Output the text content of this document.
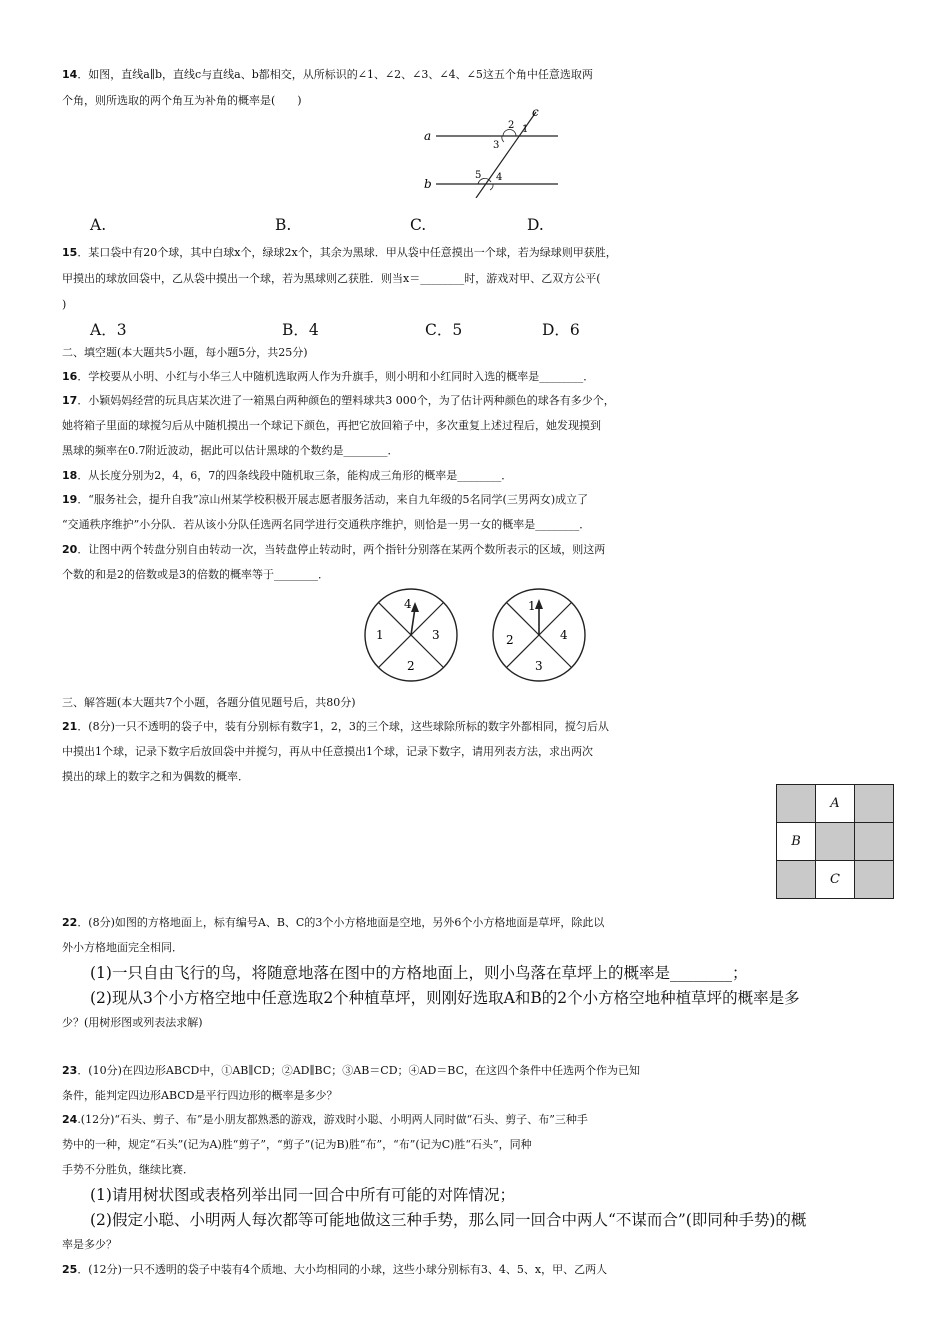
14．如图，直线a∥b，直线c与直线a、b都相交，从所标识的∠1、∠2、∠3、∠4、∠5这五个角中任意选取两
个角，则所选取的两个角互为补角的概率是(　　)
a
b
c
1
2
3
4
5
A.	B.	C.	D.
15．某口袋中有20个球，其中白球x个，绿球2x个，其余为黑球．甲从袋中任意摸出一个球，若为绿球则甲获胜，
甲摸出的球放回袋中，乙从袋中摸出一个球，若为黑球则乙获胜．则当x＝________时，游戏对甲、乙双方公平(
)
A．3	B．4	C．5	D．6
二、填空题(本大题共5小题，每小题5分，共25分)
16．学校要从小明、小红与小华三人中随机选取两人作为升旗手，则小明和小红同时入选的概率是________．
17．小颖妈妈经营的玩具店某次进了一箱黑白两种颜色的塑料球共3 000个，为了估计两种颜色的球各有多少个，
她将箱子里面的球搅匀后从中随机摸出一个球记下颜色，再把它放回箱子中，多次重复上述过程后，她发现摸到
黑球的频率在0.7附近波动，据此可以估计黑球的个数约是________．
18．从长度分别为2，4，6，7的四条线段中随机取三条，能构成三角形的概率是________．
19．“服务社会，提升自我”凉山州某学校积极开展志愿者服务活动，来自九年级的5名同学(三男两女)成立了
“交通秩序维护”小分队．若从该小分队任选两名同学进行交通秩序维护，则恰是一男一女的概率是________．
20．让图中两个转盘分别自由转动一次，当转盘停止转动时，两个指针分别落在某两个数所表示的区域，则这两
个数的和是2的倍数或是3的倍数的概率等于________．
4
3
2
1
1
4
3
2
三、解答题(本大题共7个小题，各题分值见题号后，共80分)
21．(8分)一只不透明的袋子中，装有分别标有数字1，2，3的三个球，这些球除所标的数字外都相同，搅匀后从
中摸出1个球，记录下数字后放回袋中并搅匀，再从中任意摸出1个球，记录下数字，请用列表方法，求出两次
摸出的球上的数字之和为偶数的概率．
	A	
B		
	C	
22．(8分)如图的方格地面上，标有编号A、B、C的3个小方格地面是空地，另外6个小方格地面是草坪，除此以
外小方格地面完全相同．
(1)一只自由飞行的鸟，将随意地落在图中的方格地面上，则小鸟落在草坪上的概率是________；
(2)现从3个小方格空地中任意选取2个种植草坪，则刚好选取A和B的2个小方格空地种植草坪的概率是多
少？(用树形图或列表法求解)
23．(10分)在四边形ABCD中，①AB∥CD；②AD∥BC；③AB＝CD；④AD＝BC，在这四个条件中任选两个作为已知
条件，能判定四边形ABCD是平行四边形的概率是多少？
24.(12分)“石头、剪子、布”是小朋友都熟悉的游戏，游戏时小聪、小明两人同时做“石头、剪子、布”三种手
势中的一种，规定“石头”(记为A)胜“剪子”，“剪子”(记为B)胜“布”，“布”(记为C)胜“石头”，同种
手势不分胜负，继续比赛．
(1)请用树状图或表格列举出同一回合中所有可能的对阵情况；
(2)假定小聪、小明两人每次都等可能地做这三种手势，那么同一回合中两人“不谋而合”(即同种手势)的概
率是多少？
25．(12分)一只不透明的袋子中装有4个质地、大小均相同的小球，这些小球分别标有3、4、5、x，甲、乙两人
